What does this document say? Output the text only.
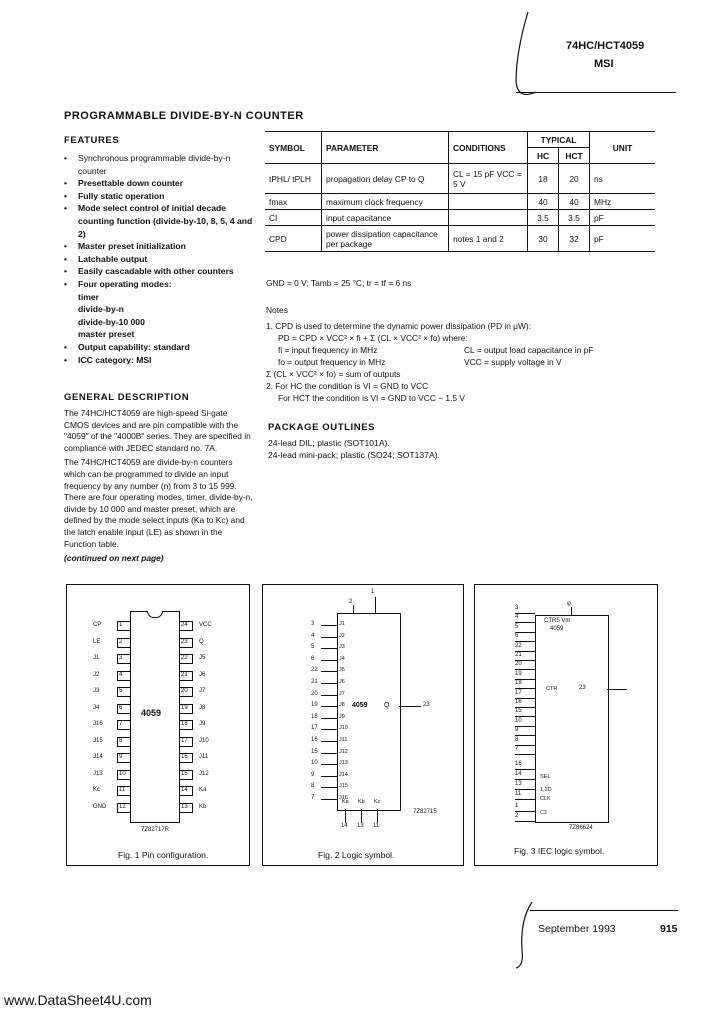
74HC/HCT4059
MSI
PROGRAMMABLE DIVIDE-BY-N COUNTER
FEATURES
• Synchronous programmable divide-by-n counter
• Presettable down counter
• Fully static operation
• Mode select control of initial decade counting function (divide-by-10, 8, 5, 4 and 2)
• Master preset initialization
• Latchable output
• Easily cascadable with other counters
• Four operating modes:
timer
divide-by-n
divide-by-10 000
master preset
• Output capability: standard
• ICC category: MSI
GENERAL DESCRIPTION

The 74HC/HCT4059 are high-speed Si-gate CMOS devices and are pin compatible with the "4059" of the "4000B" series. They are specified in compliance with JEDEC standard no. 7A.

The 74HC/HCT4059 are divide-by-n counters which can be programmed to divide an input frequency by any number (n) from 3 to 15 999. There are four operating modes, timer, divide-by-n, divide by 10 000 and master preset, which are defined by the mode select inputs (Ka to Kc) and the latch enable input (LE) as shown in the Function table.

(continued on next page)

SYMBOL	PARAMETER	CONDITIONS	TYPICAL		UNIT
			HC	HCT	
tPHL/ tPLH	propagation delay CP to Q	CL = 15 pF VCC = 5 V	18	20	ns
fmax	maximum clock frequency		40	40	MHz
CI	input capacitance		3.5	3.5	pF
CPD	power dissipation capacitance per package	notes 1 and 2	30	32	pF
GND = 0 V; Tamb = 25 °C; tr = tf = 6 ns
Notes
1. CPD is used to determine the dynamic power dissipation (PD in μW):
PD = CPD × VCC² × fi + Σ (CL × VCC² × fo) where:
fi = input frequency in MHz
fo = output frequency in MHz
Σ (CL × VCC² × fo) = sum of outputs
CL = output load capacitance in pF
VCC = supply voltage in V
2. For HC the condition is VI = GND to VCC
For HCT the condition is VI = GND to VCC − 1.5 V
PACKAGE OUTLINES
24-lead DIL; plastic (SOT101A).
24-lead mini-pack; plastic (SO24; SOT137A).
4059
1
CP	24 VCC
2
LE	23 Q
3
J1	22 J5
4
J2	21 J6
5
J3	20 J7
6
J4	19 J8
7
J16	18 J9
8
J15	17 J10
9
J14	16 J11
10
J13	15 J12
11
Kc	14 Ka
12
GND	13 Kb
7Z82717R
Fig. 1 Pin configuration.
4059 Q
1
2
3	J1
4	J2
5	J3
6	J4
22	J5
21	J6
20	J7
19	J8
18	J9
17	J10
16	J11
15	J12
10	J13
9	J14
8	J15
7	J16
23
Ka
14
Kb
13
Kc
11
7Z82715
Fig. 2 Logic symbol.
CTR5 Vm
4059
CTR
SEL
CLK
1,2D
C2
φ
3
4
5
6
22
21
20
19
18
17
16
15
10
9
8
7
16
14
13
11
1
2
23
7Z86624
Fig. 3 IEC logic symbol.
September 1993	915
www.DataSheet4U.com
